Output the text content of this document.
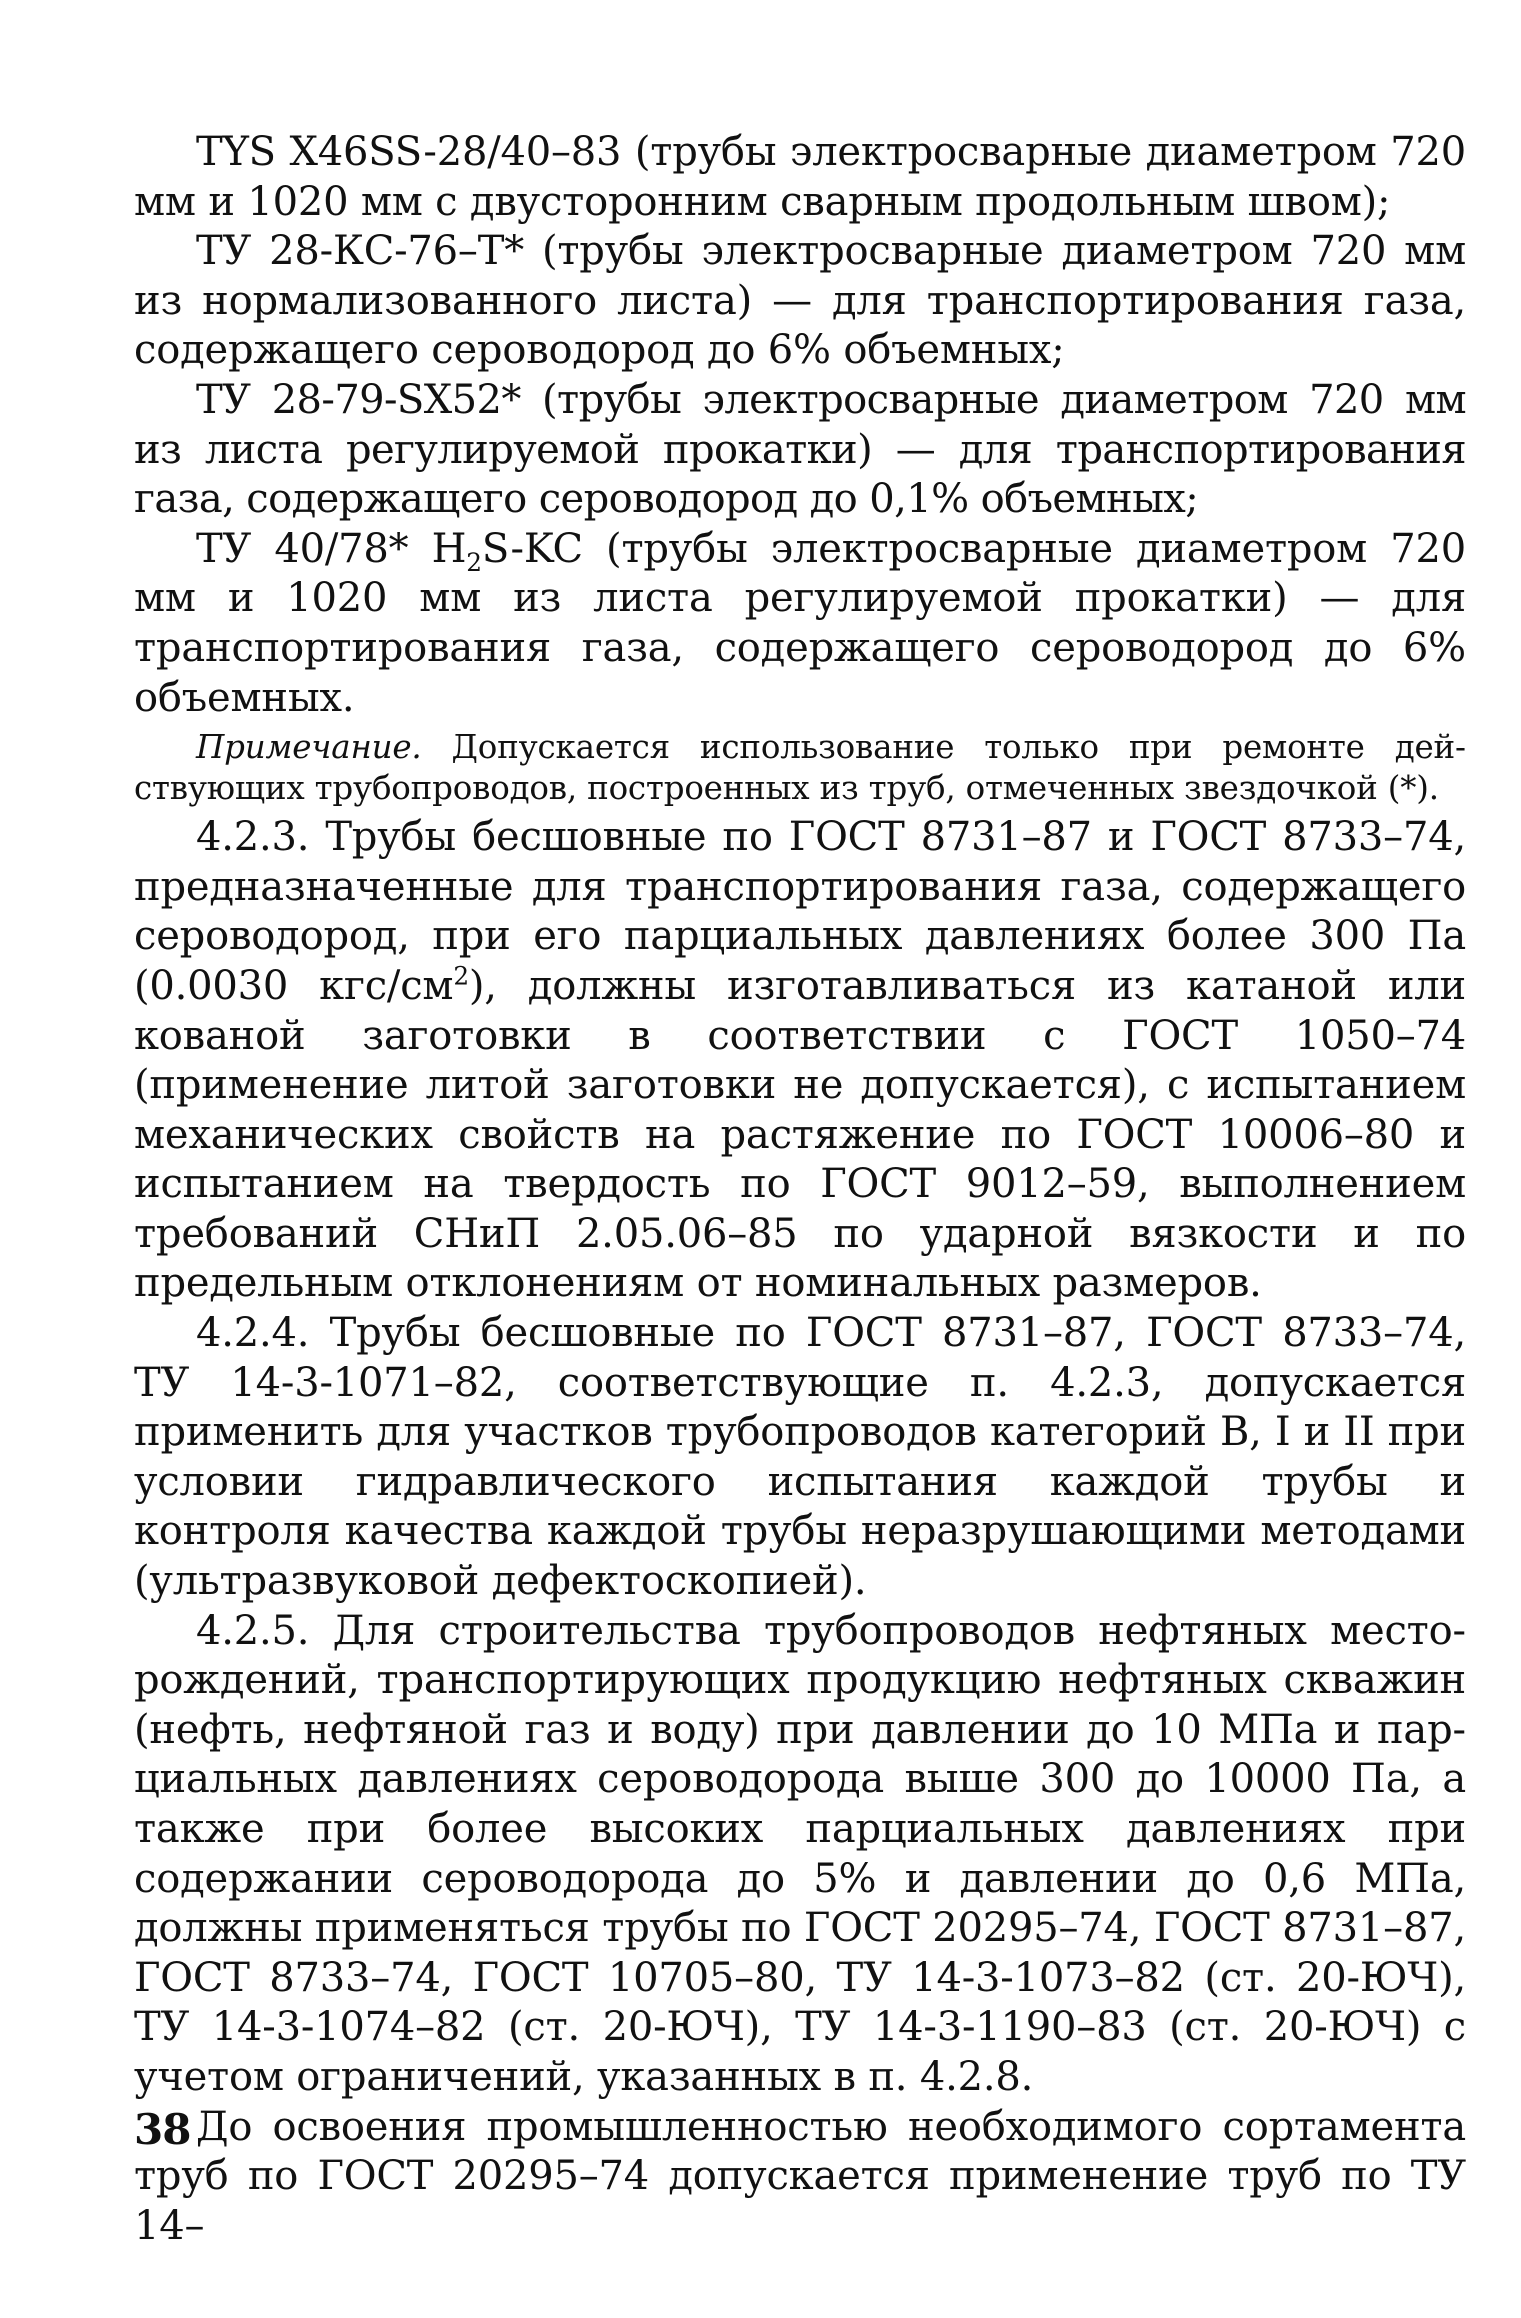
TYS X46SS-28/40–83 (трубы электросварные диаметром 720 мм и 1020 мм с двусторонним сварным продольным швом);

ТУ 28-КС-76–Т* (трубы электросварные диаметром 720 мм из нормализованного листа) — для транспортирования газа, содержащего сероводород до 6% объемных;

ТУ 28-79-SX52* (трубы электросварные диаметром 720 мм из листа регулируемой прокатки) — для транспортирования газа, содержащего сероводород до 0,1% объемных;

ТУ 40/78* $H_2S-KC$ (трубы электросварные диаметром 720 мм и 1020 мм из листа регулируемой прокатки) — для транспортирования газа, содержащего сероводород до 6% объемных.

Примечание. Допускается использование только при ремонте действующих трубопроводов, построенных из труб, отмеченных звездочкой (*).

4.2.3. Трубы бесшовные по ГОСТ 8731–87 и ГОСТ 8733–74, предназначенные для транспортирования газа, содержащего сероводород, при его парциальных давлениях более 300 Па (0.0030 кгс/$см^2$), должны изготавливаться из катаной или кованой заготовки в соответствии с ГОСТ 1050–74 (применение литой заготовки не допускается), с испытанием механических свойств на растяжение по ГОСТ 10006–80 и испытанием на твердость по ГОСТ 9012–59, выполнением требований СНиП 2.05.06–85 по ударной вязкости и по предельным отклонениям от номинальных размеров.

4.2.4. Трубы бесшовные по ГОСТ 8731–87, ГОСТ 8733–74, ТУ 14-3-1071–82, соответствующие п. 4.2.3, допускается применить для участков трубопроводов категорий В, I и II при условии гидравлического испытания каждой трубы и контроля качества каждой трубы неразрушающими методами (ультразвуковой дефектоскопией).

4.2.5. Для строительства трубопроводов нефтяных месторождений, транспортирующих продукцию нефтяных скважин (нефть, нефтяной газ и воду) при давлении до 10 МПа и парциальных давлениях сероводорода выше 300 до 10000 Па, а также при более высоких парциальных давлениях при содержании сероводорода до 5% и давлении до 0,6 МПа, должны применяться трубы по ГОСТ 20295–74, ГОСТ 8731–87, ГОСТ 8733–74, ГОСТ 10705–80, ТУ 14-3-1073–82 (ст. 20-ЮЧ), ТУ 14-3-1074–82 (ст. 20-ЮЧ), ТУ 14-3-1190–83 (ст. 20-ЮЧ) с учетом ограничений, указанных в п. 4.2.8.

До освоения промышленностью необходимого сортамента труб по ГОСТ 20295–74 допускается применение труб по ТУ 14–

38
